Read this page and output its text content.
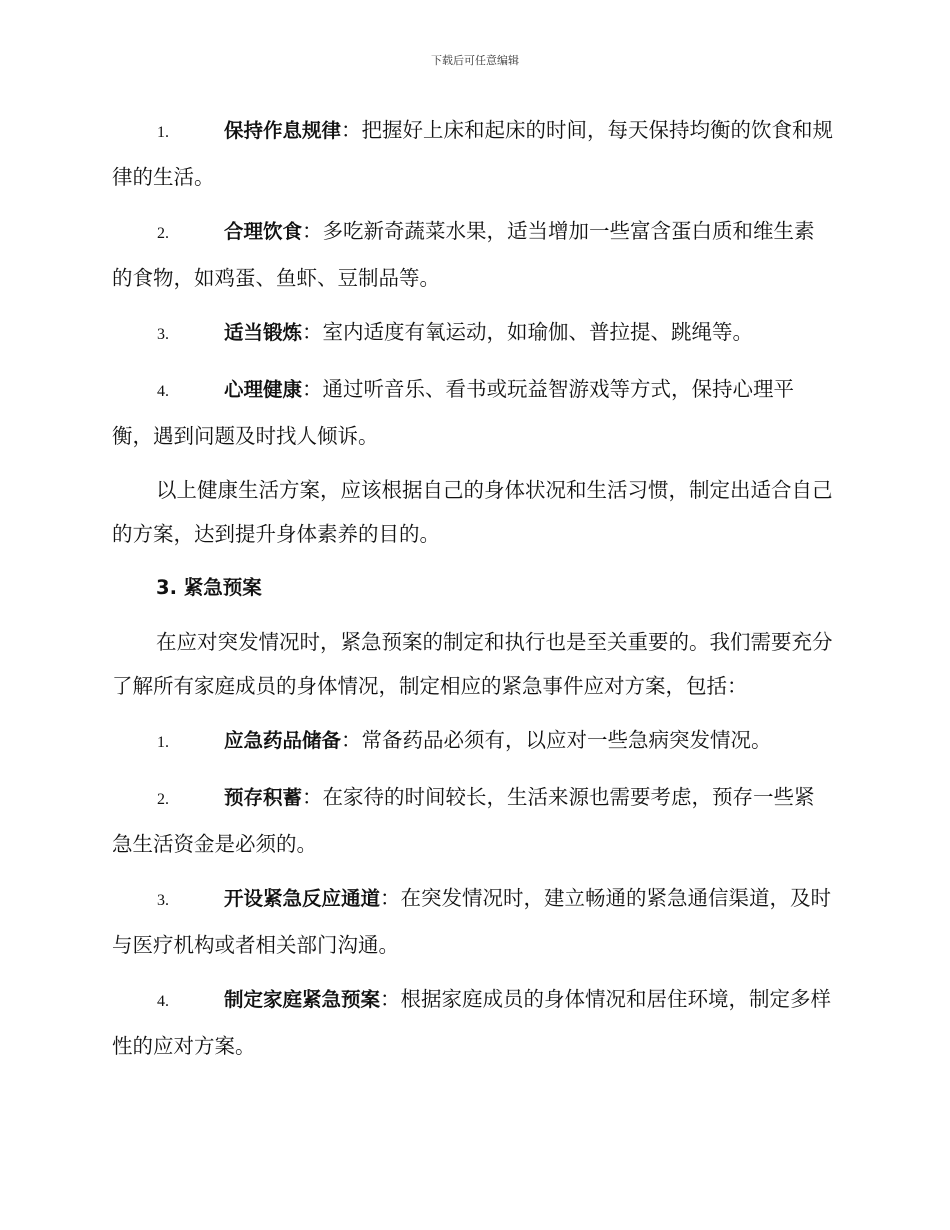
下载后可任意编辑

1.	保持作息规律：把握好上床和起床的时间，每天保持均衡的饮食和规律的生活。

2.	合理饮食：多吃新奇蔬菜水果，适当增加一些富含蛋白质和维生素的食物，如鸡蛋、鱼虾、豆制品等。

3.	适当锻炼：室内适度有氧运动，如瑜伽、普拉提、跳绳等。

4.	心理健康：通过听音乐、看书或玩益智游戏等方式，保持心理平衡，遇到问题及时找人倾诉。

以上健康生活方案，应该根据自己的身体状况和生活习惯，制定出适合自己的方案，达到提升身体素养的目的。

3. 紧急预案

在应对突发情况时，紧急预案的制定和执行也是至关重要的。我们需要充分了解所有家庭成员的身体情况，制定相应的紧急事件应对方案，包括：

1.	应急药品储备：常备药品必须有，以应对一些急病突发情况。

2.	预存积蓄：在家待的时间较长，生活来源也需要考虑，预存一些紧急生活资金是必须的。

3.	开设紧急反应通道：在突发情况时，建立畅通的紧急通信渠道，及时与医疗机构或者相关部门沟通。

4.	制定家庭紧急预案：根据家庭成员的身体情况和居住环境，制定多样性的应对方案。
